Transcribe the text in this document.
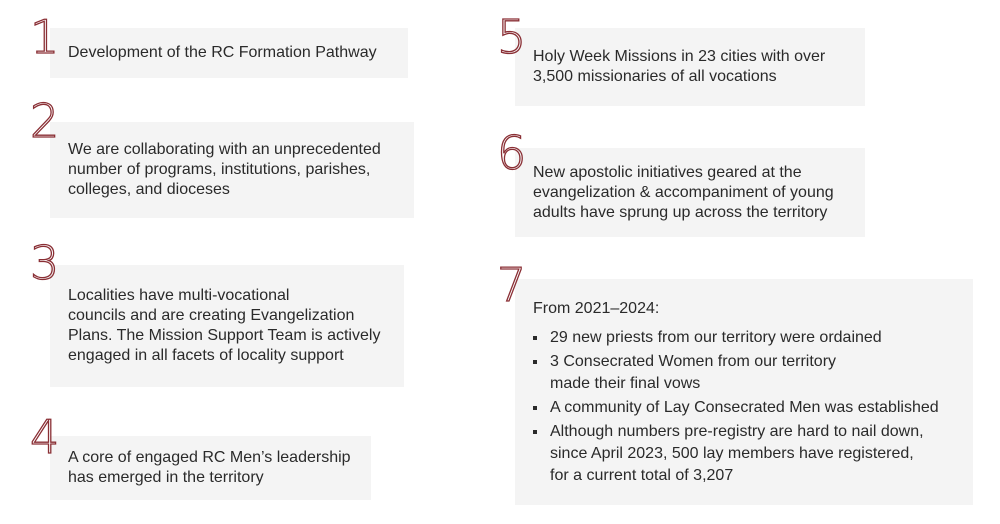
Development of the RC Formation Pathway

1

We are collaborating with an unprecedented
number of programs, institutions, parishes,
colleges, and dioceses

2

Localities have multi-vocational
councils and are creating Evangelization
Plans. The Mission Support Team is actively
engaged in all facets of locality support

3

A core of engaged RC Men’s leadership
has emerged in the territory

4

Holy Week Missions in 23 cities with over
3,500 missionaries of all vocations

5

New apostolic initiatives geared at the
evangelization & accompaniment of young
adults have sprung up across the territory

6

From 2021–2024:

29 new priests from our territory were ordained
3 Consecrated Women from our territory
made their final vows
A community of Lay Consecrated Men was established
Although numbers pre-registry are hard to nail down,
since April 2023, 500 lay members have registered,
for a current total of 3,207
7
